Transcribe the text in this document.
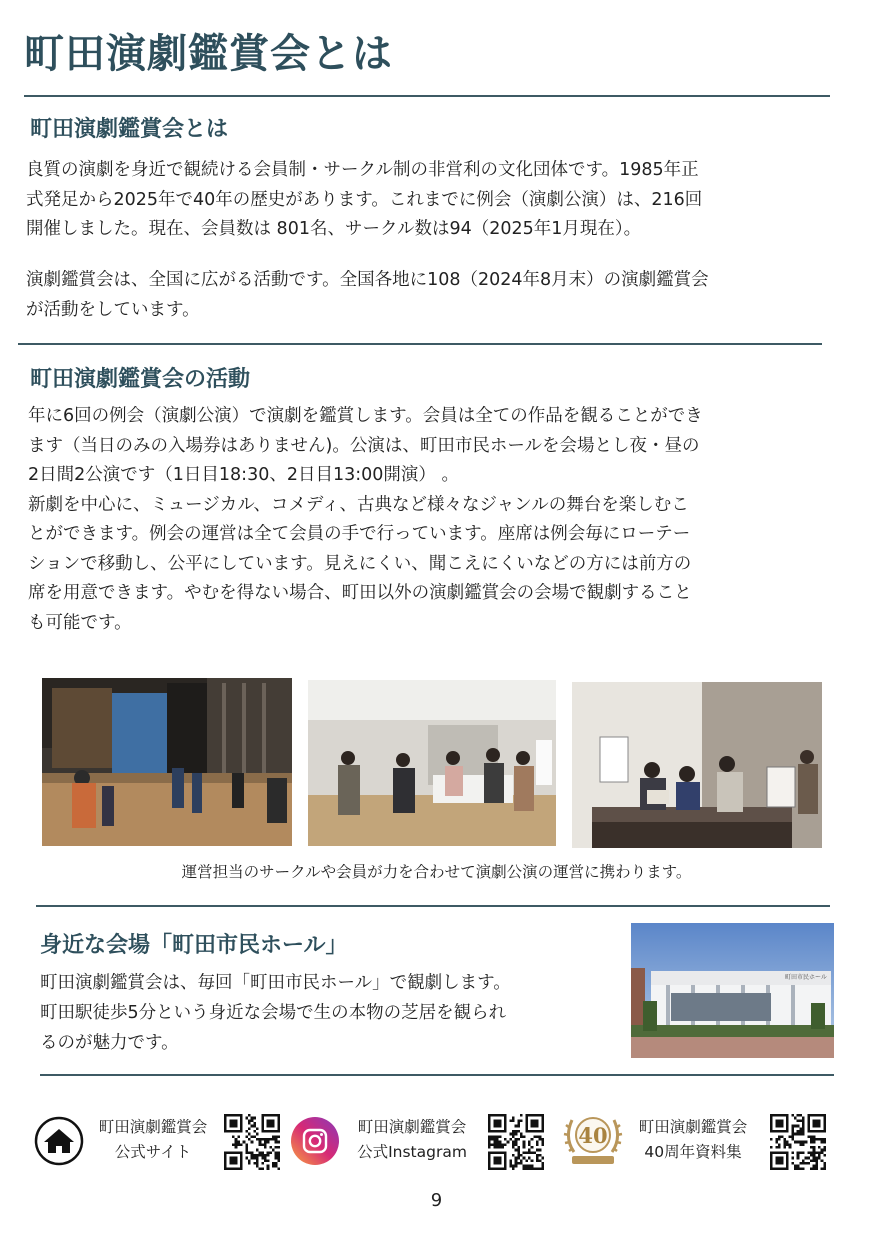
町田演劇鑑賞会とは
町田演劇鑑賞会とは

良質の演劇を身近で観続ける会員制・サークル制の非営利の文化団体です。1985年正

式発足から2025年で40年の歴史があります。これまでに例会（演劇公演）は、216回

開催しました。現在、会員数は 801名、サークル数は94（2025年1月現在）。

演劇鑑賞会は、全国に広がる活動です。全国各地に108（2024年8月末）の演劇鑑賞会

が活動をしています。

町田演劇鑑賞会の活動

年に6回の例会（演劇公演）で演劇を鑑賞します。会員は全ての作品を観ることができ

ます（当日のみの入場券はありません)。公演は、町田市民ホールを会場とし夜・昼の

2日間2公演です（1日目18:30、2日目13:00開演） 。

新劇を中心に、ミュージカル、コメディ、古典など様々なジャンルの舞台を楽しむこ

とができます。例会の運営は全て会員の手で行っています。座席は例会毎にローテー

ションで移動し、公平にしています。見えにくい、聞こえにくいなどの方には前方の

席を用意できます。やむを得ない場合、町田以外の演劇鑑賞会の会場で観劇すること

も可能です。

運営担当のサークルや会員が力を合わせて演劇公演の運営に携わります。
身近な会場「町田市民ホール」

町田演劇鑑賞会は、毎回「町田市民ホール」で観劇します。

町田駅徒歩5分という身近な会場で生の本物の芝居を観られ

るのが魅力です。

町田市民ホール
町田演劇鑑賞会
公式サイト
町田演劇鑑賞会
公式Instagram
40	町田演劇鑑賞会
40周年資料集
9
